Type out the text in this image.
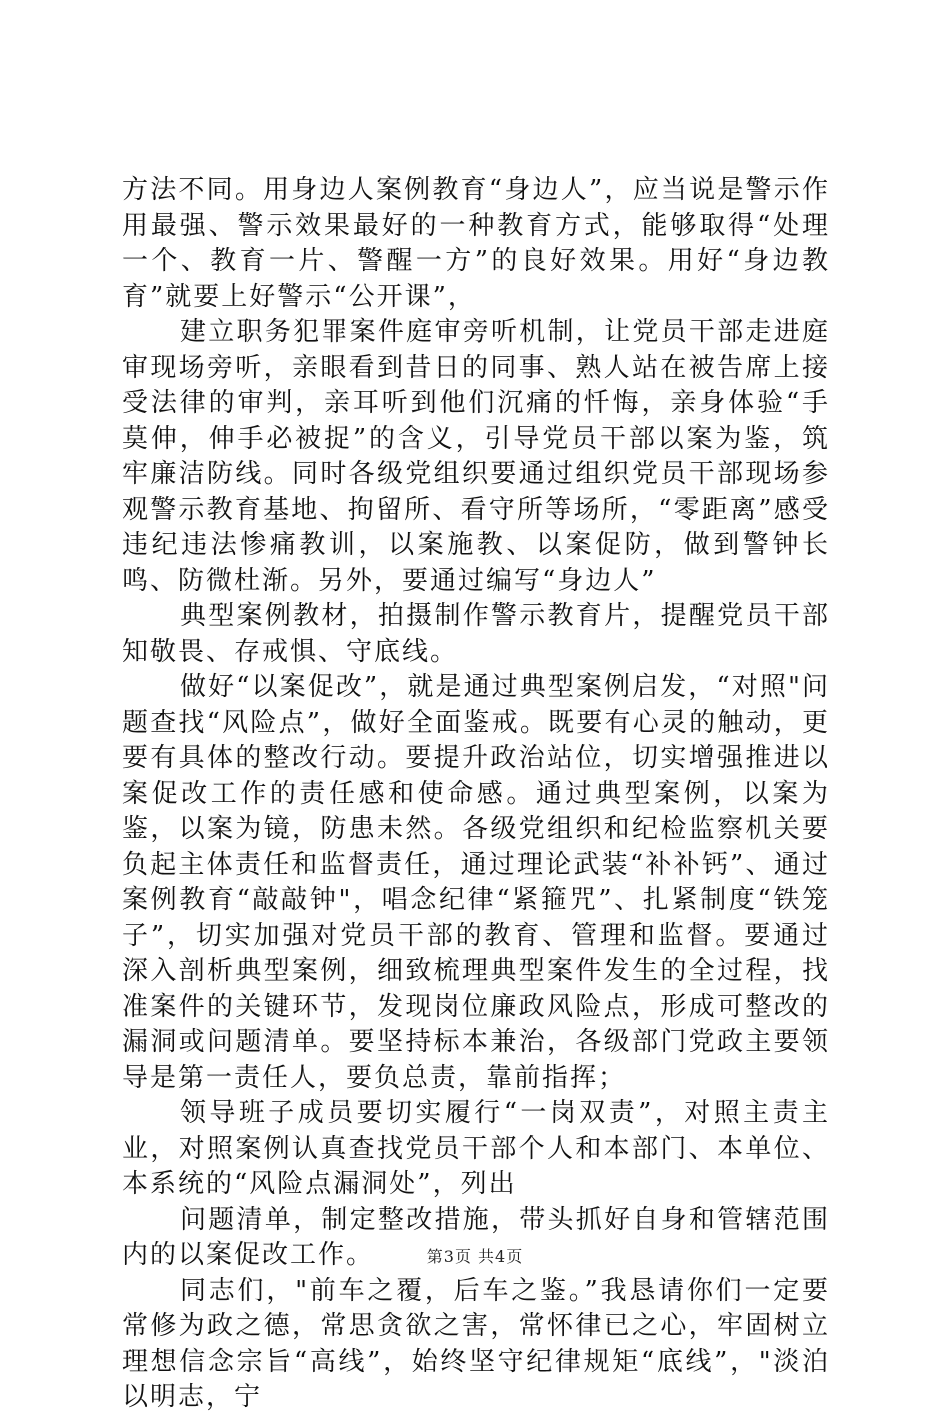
方法不同。用身边人案例教育“身边人”，应当说是警示作用最强、警示效果最好的一种教育方式，能够取得“处理一个、教育一片、警醒一方”的良好效果。用好“身边教育”就要上好警示“公开课”，

建立职务犯罪案件庭审旁听机制，让党员干部走进庭审现场旁听，亲眼看到昔日的同事、熟人站在被告席上接受法律的审判，亲耳听到他们沉痛的忏悔，亲身体验“手莫伸，伸手必被捉”的含义，引导党员干部以案为鉴，筑牢廉洁防线。同时各级党组织要通过组织党员干部现场参观警示教育基地、拘留所、看守所等场所，“零距离”感受违纪违法惨痛教训，以案施教、以案促防，做到警钟长鸣、防微杜渐。另外，要通过编写“身边人”

典型案例教材，拍摄制作警示教育片，提醒党员干部知敬畏、存戒惧、守底线。

做好“以案促改”，就是通过典型案例启发，“对照"问题查找“风险点”，做好全面鉴戒。既要有心灵的触动，更要有具体的整改行动。要提升政治站位，切实增强推进以案促改工作的责任感和使命感。通过典型案例，以案为鉴，以案为镜，防患未然。各级党组织和纪检监察机关要负起主体责任和监督责任，通过理论武装“补补钙”、通过案例教育“敲敲钟"，唱念纪律“紧箍咒”、扎紧制度“铁笼子”，切实加强对党员干部的教育、管理和监督。要通过深入剖析典型案例，细致梳理典型案件发生的全过程，找准案件的关键环节，发现岗位廉政风险点，形成可整改的漏洞或问题清单。要坚持标本兼治，各级部门党政主要领导是第一责任人，要负总责，靠前指挥；

领导班子成员要切实履行“一岗双责”，对照主责主业，对照案例认真查找党员干部个人和本部门、本单位、本系统的“风险点漏洞处”，列出

问题清单，制定整改措施，带头抓好自身和管辖范围内的以案促改工作。

同志们，"前车之覆，后车之鉴。”我恳请你们一定要常修为政之德，常思贪欲之害，常怀律已之心，牢固树立理想信念宗旨“高线”，始终坚守纪律规矩“底线”，"淡泊以明志，宁

第3页 共4页
